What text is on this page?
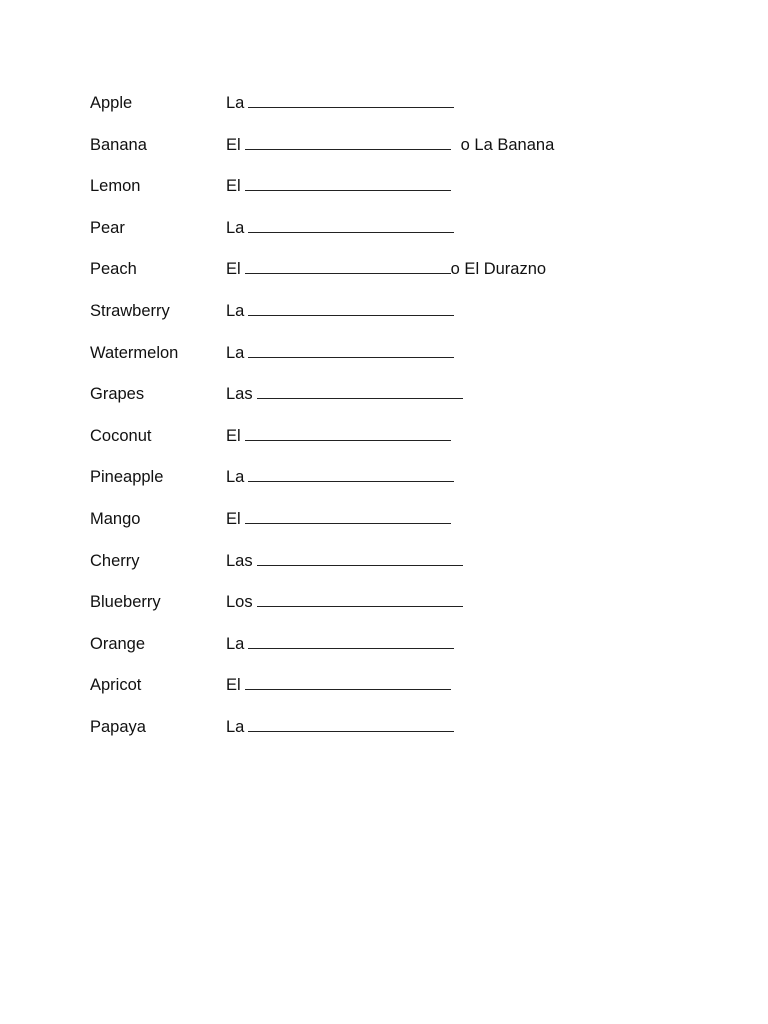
Apple	La
Banana	El	o La Banana
Lemon	El
Pear	La
Peach	El	o El Durazno
Strawberry	La
Watermelon	La
Grapes	Las
Coconut	El
Pineapple	La
Mango	El
Cherry	Las
Blueberry	Los
Orange	La
Apricot	El
Papaya	La
